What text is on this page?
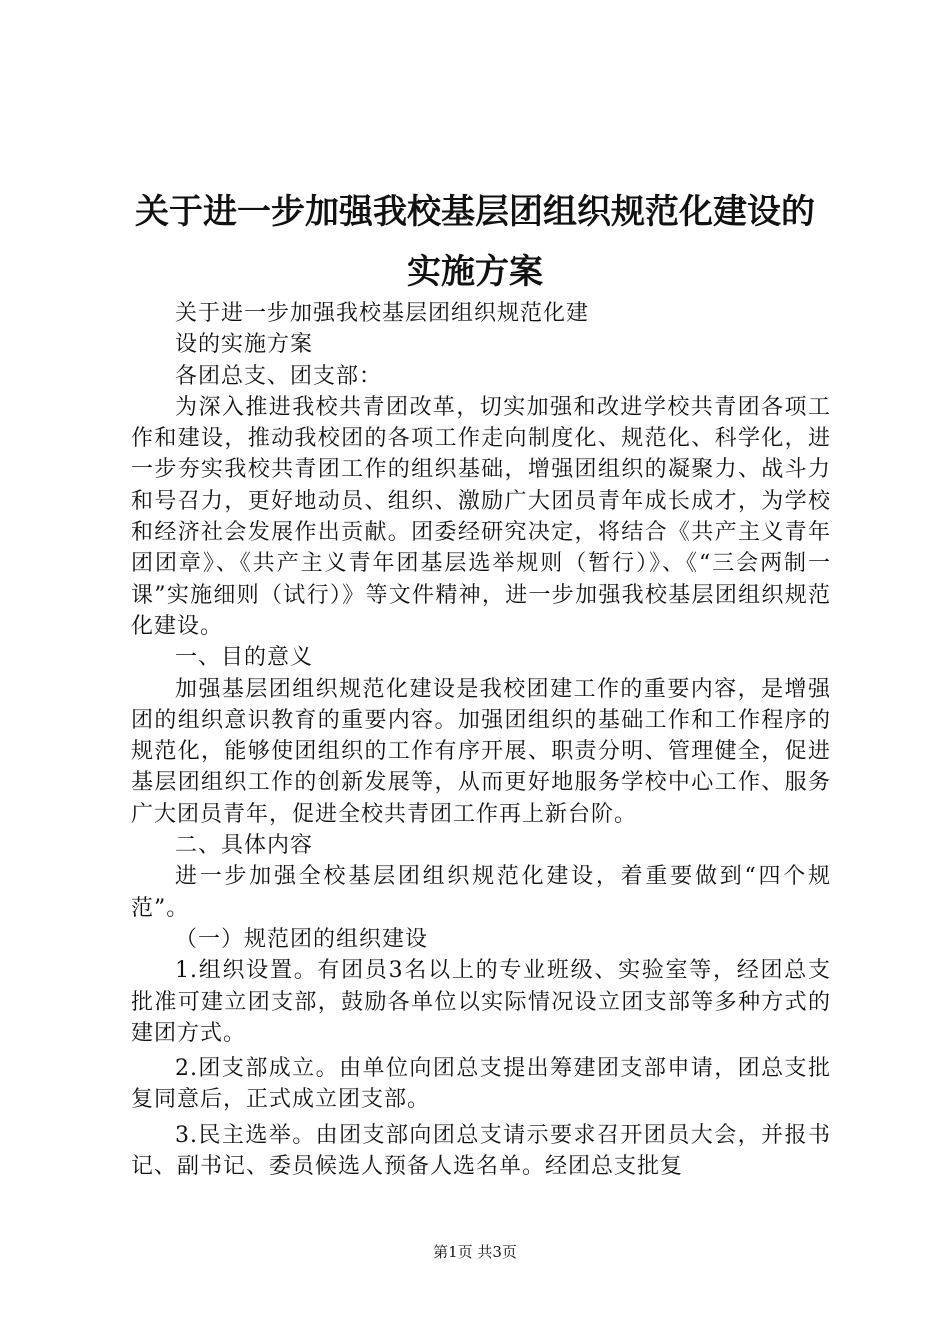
关于进一步加强我校基层团组织规范化建设的
实施方案

关于进一步加强我校基层团组织规范化建

设的实施方案

各团总支、团支部：

为深入推进我校共青团改革，切实加强和改进学校共青团各项工作和建设，推动我校团的各项工作走向制度化、规范化、科学化，进一步夯实我校共青团工作的组织基础，增强团组织的凝聚力、战斗力和号召力，更好地动员、组织、激励广大团员青年成长成才，为学校和经济社会发展作出贡献。团委经研究决定，将结合《共产主义青年团团章》、《共产主义青年团基层选举规则（暂行）》、《“三会两制一课”实施细则（试行）》等文件精神，进一步加强我校基层团组织规范化建设。

一、目的意义

加强基层团组织规范化建设是我校团建工作的重要内容，是增强团的组织意识教育的重要内容。加强团组织的基础工作和工作程序的规范化，能够使团组织的工作有序开展、职责分明、管理健全，促进基层团组织工作的创新发展等，从而更好地服务学校中心工作、服务广大团员青年，促进全校共青团工作再上新台阶。

二、具体内容

进一步加强全校基层团组织规范化建设，着重要做到“四个规范”。

（一）规范团的组织建设

1.组织设置。有团员3名以上的专业班级、实验室等，经团总支批准可建立团支部，鼓励各单位以实际情况设立团支部等多种方式的建团方式。

2.团支部成立。由单位向团总支提出筹建团支部申请，团总支批复同意后，正式成立团支部。

3.民主选举。由团支部向团总支请示要求召开团员大会，并报书记、副书记、委员候选人预备人选名单。经团总支批复

第1页 共3页
